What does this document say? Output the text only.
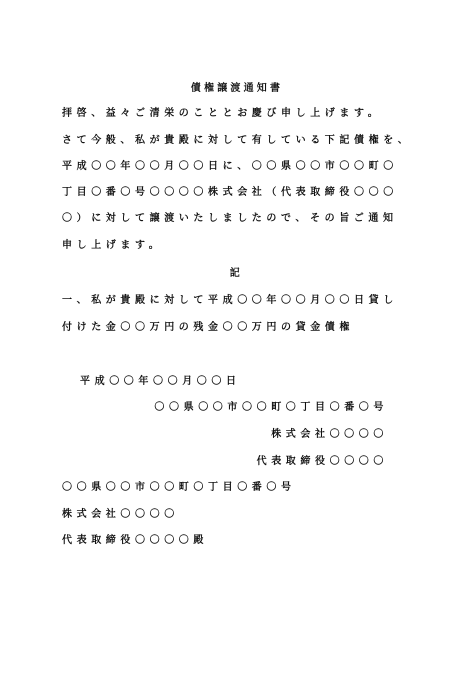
債権譲渡通知書
拝啓、益々ご清栄のこととお慶び申し上げます。
さて今般、私が貴殿に対して有している下記債権を、
平成〇〇年〇〇月〇〇日に、〇〇県〇〇市〇〇町〇
丁目〇番〇号〇〇〇〇株式会社（代表取締役〇〇〇
〇）に対して譲渡いたしましたので、その旨ご通知
申し上げます。
記
一、私が貴殿に対して平成〇〇年〇〇月〇〇日貸し
付けた金〇〇万円の残金〇〇万円の貸金債権
平成〇〇年〇〇月〇〇日
〇〇県〇〇市〇〇町〇丁目〇番〇号
株式会社〇〇〇〇
代表取締役〇〇〇〇
〇〇県〇〇市〇〇町〇丁目〇番〇号
株式会社〇〇〇〇
代表取締役〇〇〇〇殿
